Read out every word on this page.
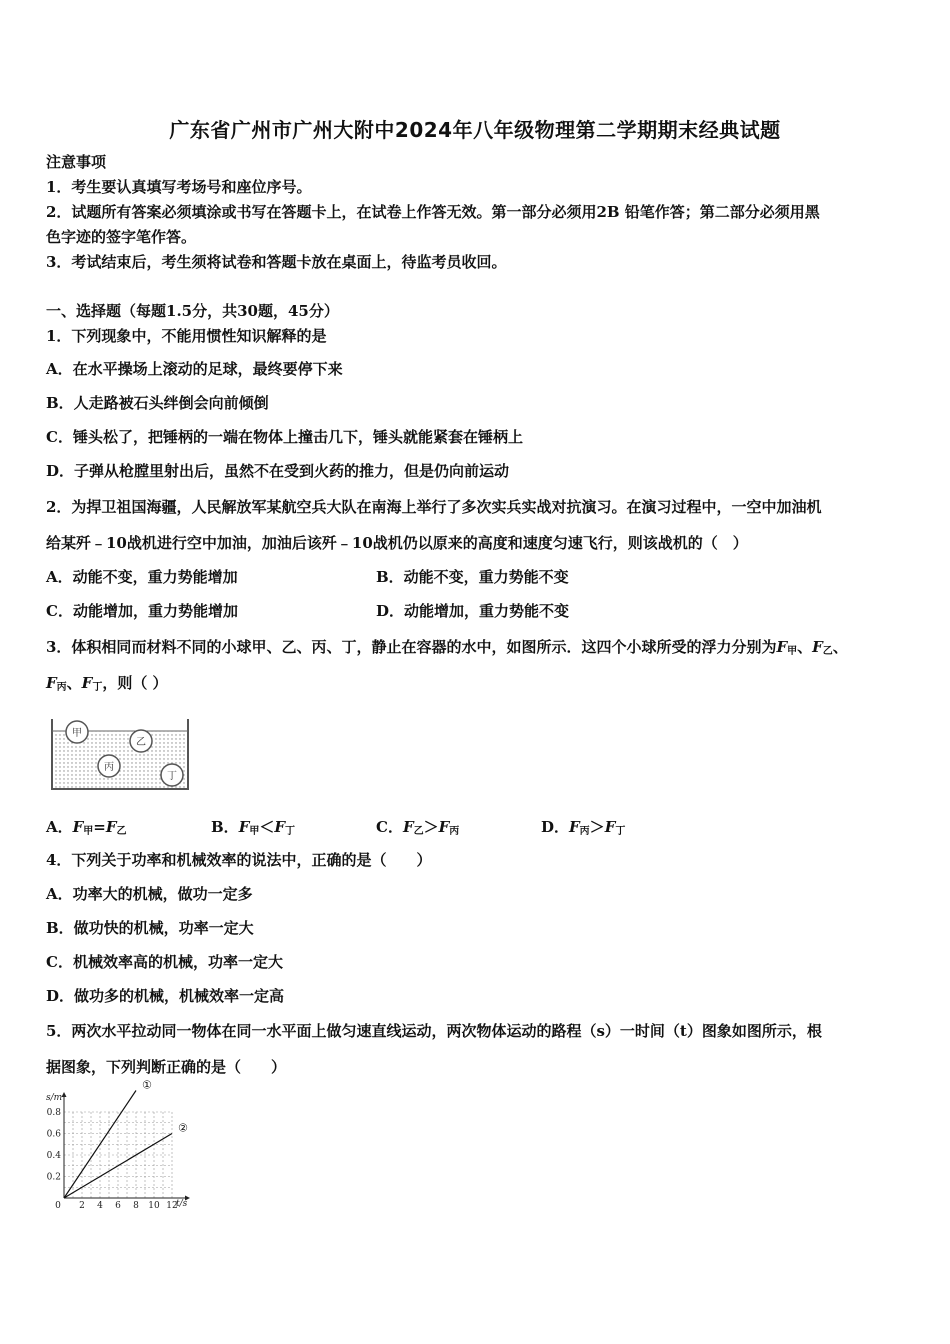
广东省广州市广州大附中2024年八年级物理第二学期期末经典试题
注意事项
1．考生要认真填写考场号和座位序号。
2．试题所有答案必须填涂或书写在答题卡上，在试卷上作答无效。第一部分必须用2B 铅笔作答；第二部分必须用黑
色字迹的签字笔作答。
3．考试结束后，考生须将试卷和答题卡放在桌面上，待监考员收回。
一、选择题（每题1.5分，共30题，45分）
1．下列现象中，不能用惯性知识解释的是
A．在水平操场上滚动的足球，最终要停下来
B．人走路被石头绊倒会向前倾倒
C．锤头松了，把锤柄的一端在物体上撞击几下，锤头就能紧套在锤柄上
D．子弹从枪膛里射出后，虽然不在受到火药的推力，但是仍向前运动
2．为捍卫祖国海疆，人民解放军某航空兵大队在南海上举行了多次实兵实战对抗演习。在演习过程中，一空中加油机
给某歼﹣10战机进行空中加油，加油后该歼﹣10战机仍以原来的高度和速度匀速飞行，则该战机的（　）
A．动能不变，重力势能增加	B．动能不变，重力势能不变
C．动能增加，重力势能增加	D．动能增加，重力势能不变
3．体积相同而材料不同的小球甲、乙、丙、丁，静止在容器的水中，如图所示．这四个小球所受的浮力分别为$F_甲$、$F_乙$、
$F_丙$、$F_丁$，则（ ）
甲
乙
丙
丁
A．$F_甲=F_乙$	B．$F_甲<F_丁$	C．$F_乙>F_丙$	D．$F_丙>F_丁$
4．下列关于功率和机械效率的说法中，正确的是（　　）
A．功率大的机械，做功一定多
B．做功快的机械，功率一定大
C．机械效率高的机械，功率一定大
D．做功多的机械，机械效率一定高
5．两次水平拉动同一物体在同一水平面上做匀速直线运动，两次物体运动的路程（s）一时间（t）图象如图所示，根
据图象，下列判断正确的是（　　）
①
②
0 2 4 6 8 10 12
0.2
0.4
0.6
0.8
s/m
t/s
